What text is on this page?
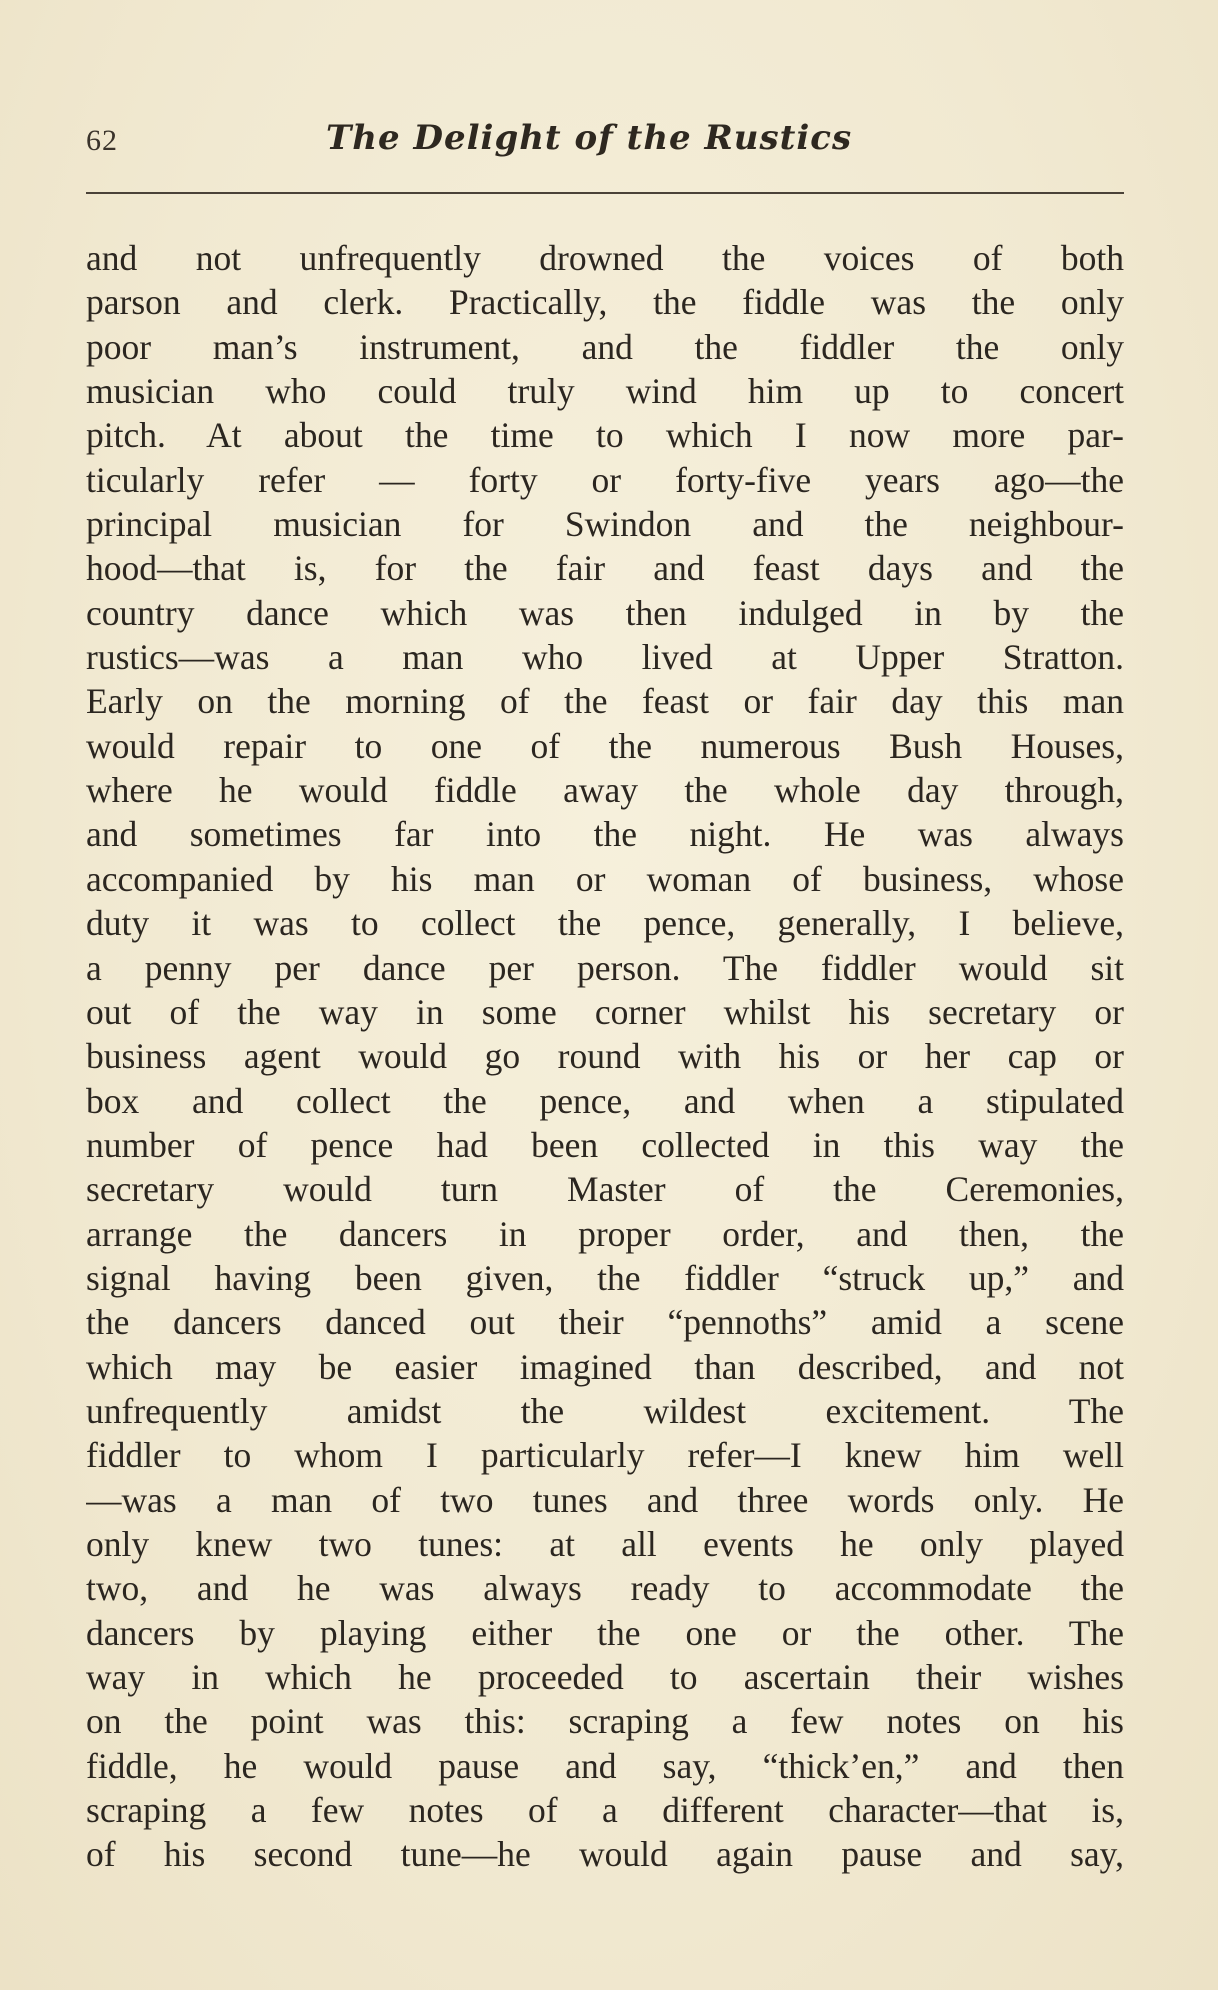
62	The Delight of the Rustics
and not unfrequently drowned the voices of both
parson and clerk. Practically, the fiddle was the only
poor man’s instrument, and the fiddler the only
musician who could truly wind him up to concert
pitch. At about the time to which I now more par-
ticularly refer — forty or forty-five years ago—the
principal musician for Swindon and the neighbour-
hood—that is, for the fair and feast days and the
country dance which was then indulged in by the
rustics—was a man who lived at Upper Stratton.
Early on the morning of the feast or fair day this man
would repair to one of the numerous Bush Houses,
where he would fiddle away the whole day through,
and sometimes far into the night. He was always
accompanied by his man or woman of business, whose
duty it was to collect the pence, generally, I believe,
a penny per dance per person. The fiddler would sit
out of the way in some corner whilst his secretary or
business agent would go round with his or her cap or
box and collect the pence, and when a stipulated
number of pence had been collected in this way the
secretary would turn Master of the Ceremonies,
arrange the dancers in proper order, and then, the
signal having been given, the fiddler “struck up,” and
the dancers danced out their “pennoths” amid a scene
which may be easier imagined than described, and not
unfrequently amidst the wildest excitement. The
fiddler to whom I particularly refer—I knew him well
—was a man of two tunes and three words only. He
only knew two tunes: at all events he only played
two, and he was always ready to accommodate the
dancers by playing either the one or the other. The
way in which he proceeded to ascertain their wishes
on the point was this: scraping a few notes on his
fiddle, he would pause and say, “thick’en,” and then
scraping a few notes of a different character—that is,
of his second tune—he would again pause and say,
